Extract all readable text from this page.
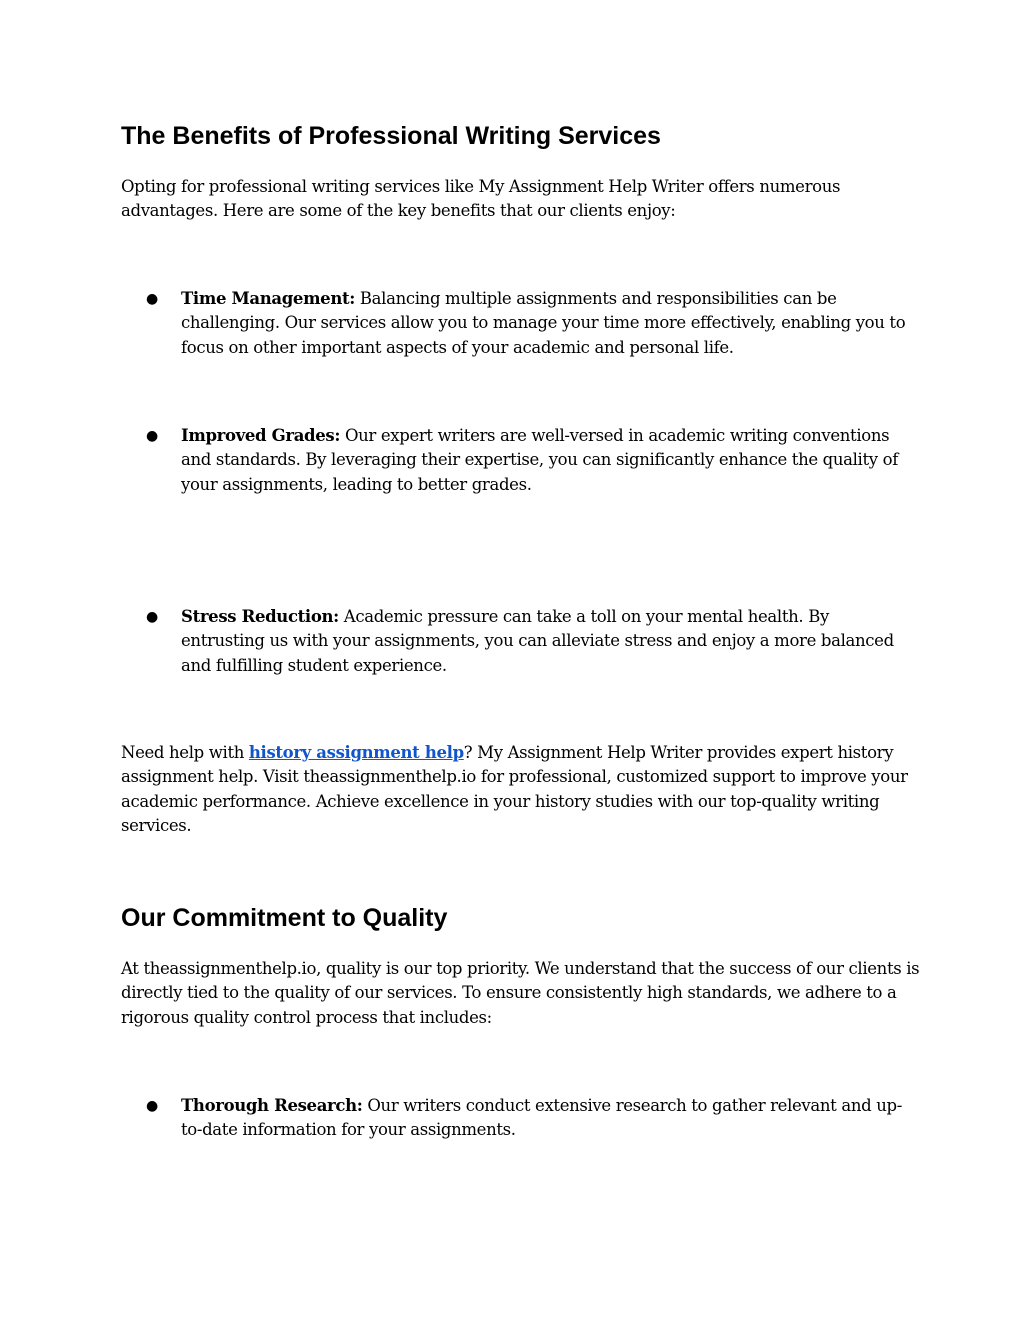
The Benefits of Professional Writing Services

Opting for professional writing services like My Assignment Help Writer offers numerous advantages. Here are some of the key benefits that our clients enjoy:

● Time Management: Balancing multiple assignments and responsibilities can be challenging. Our services allow you to manage your time more effectively, enabling you to focus on other important aspects of your academic and personal life.

● Improved Grades: Our expert writers are well-versed in academic writing conventions and standards. By leveraging their expertise, you can significantly enhance the quality of your assignments, leading to better grades.

● Stress Reduction: Academic pressure can take a toll on your mental health. By entrusting us with your assignments, you can alleviate stress and enjoy a more balanced and fulfilling student experience.

Need help with history assignment help? My Assignment Help Writer provides expert history assignment help. Visit theassignmenthelp.io for professional, customized support to improve your academic performance. Achieve excellence in your history studies with our top-quality writing services.

Our Commitment to Quality

At theassignmenthelp.io, quality is our top priority. We understand that the success of our clients is directly tied to the quality of our services. To ensure consistently high standards, we adhere to a rigorous quality control process that includes:

● Thorough Research: Our writers conduct extensive research to gather relevant and up-to-date information for your assignments.
